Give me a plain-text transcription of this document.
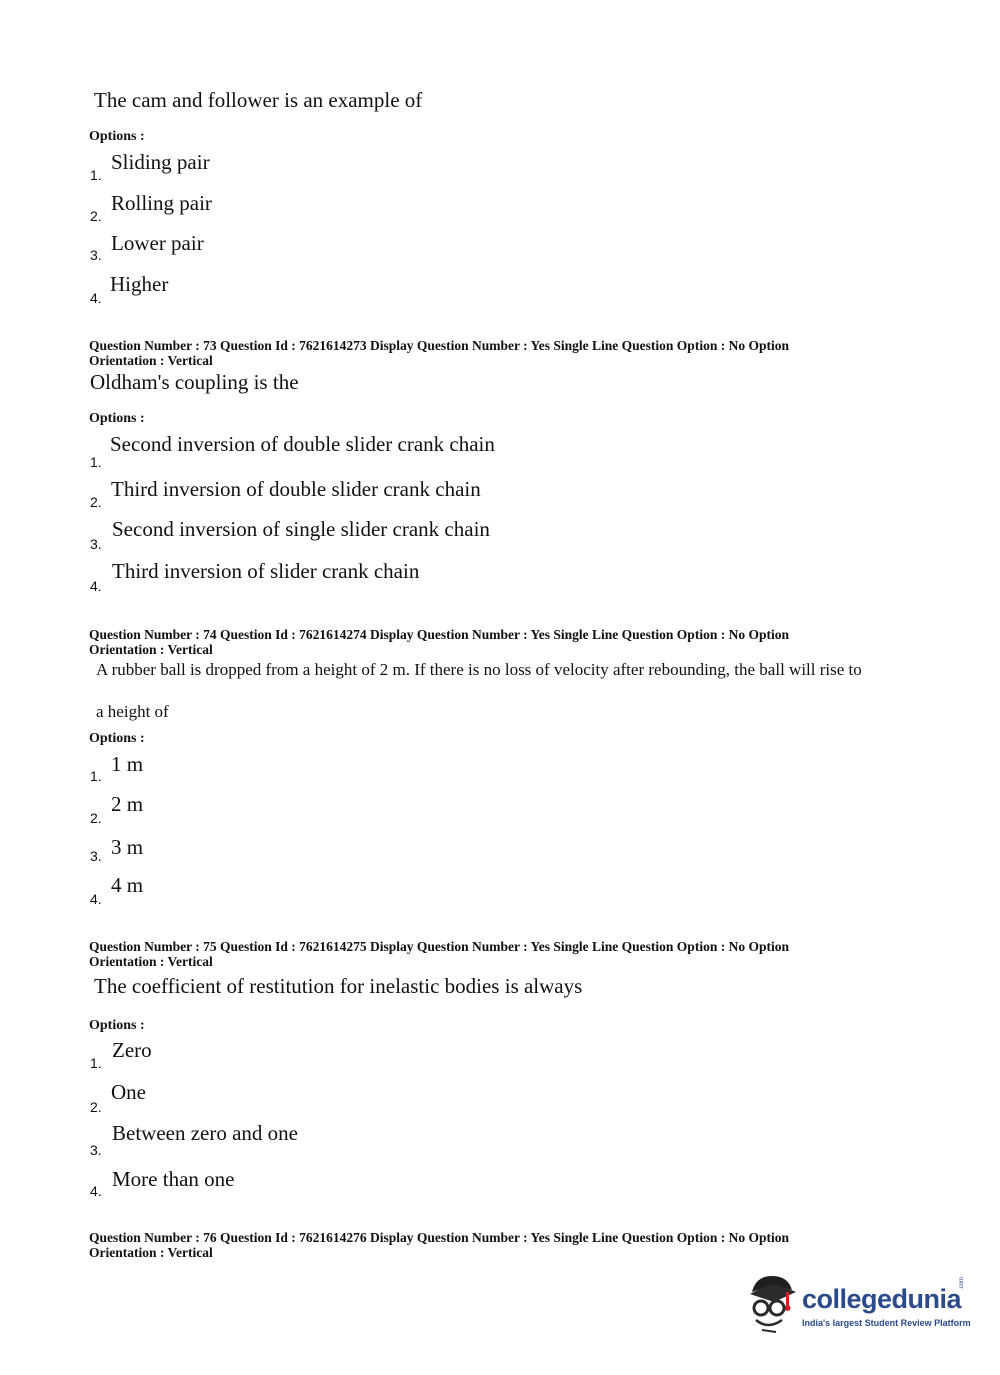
The cam and follower is an example of
Options :
1.
Sliding pair
2.
Rolling pair
3. Lower pair
4.
Higher
Question Number : 73 Question Id : 7621614273 Display Question Number : Yes Single Line Question Option : No Option
Orientation : Vertical
Oldham's coupling is the
Options :
1.
Second inversion of double slider crank chain
2.
Third inversion of double slider crank chain
3.
Second inversion of single slider crank chain
4.
Third inversion of slider crank chain
Question Number : 74 Question Id : 7621614274 Display Question Number : Yes Single Line Question Option : No Option
Orientation : Vertical
A rubber ball is dropped from a height of 2 m. If there is no loss of velocity after rebounding, the ball will rise to
a height of
Options :
1. 1 m
2.
2 m
3. 3 m
4.
4 m
Question Number : 75 Question Id : 7621614275 Display Question Number : Yes Single Line Question Option : No Option
Orientation : Vertical
The coefficient of restitution for inelastic bodies is always
Options :
1.
Zero
2.
One
3.
Between zero and one
4. More than one
Question Number : 76 Question Id : 7621614276 Display Question Number : Yes Single Line Question Option : No Option
Orientation : Vertical
collegedunia
.com
India's largest Student Review Platform
